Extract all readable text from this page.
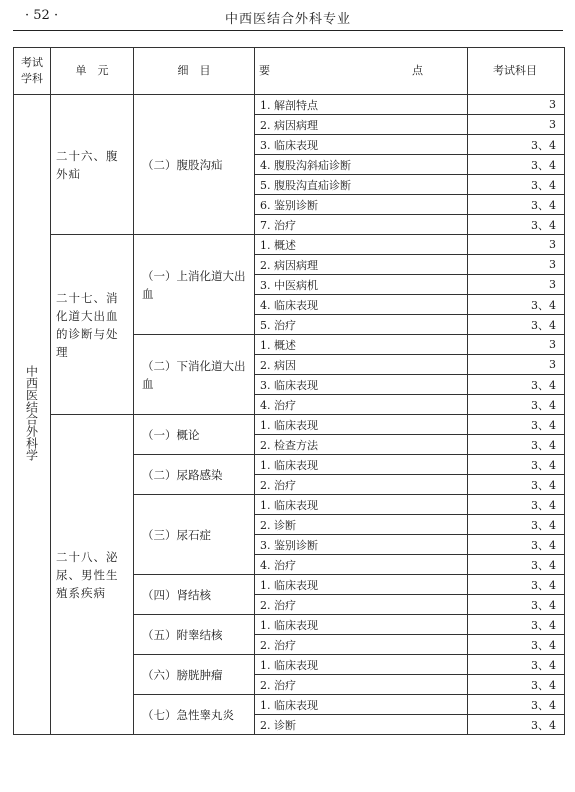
· 52 ·	中西医结合外科专业
考试学科	单　元	细　目	要　　点	考试科目
中西医结合外科学	二十六、腹外疝	（二）腹股沟疝	1. 解剖特点	3
			2. 病因病理	3
			3. 临床表现	3、4
			4. 腹股沟斜疝诊断	3、4
			5. 腹股沟直疝诊断	3、4
			6. 鉴别诊断	3、4
			7. 治疗	3、4
	二十七、消化道大出血的诊断与处理	（一）上消化道大出血	1. 概述	3
			2. 病因病理	3
			3. 中医病机	3
			4. 临床表现	3、4
			5. 治疗	3、4
		（二）下消化道大出血	1. 概述	3
			2. 病因	3
			3. 临床表现	3、4
			4. 治疗	3、4
	二十八、泌尿、男性生殖系疾病	（一）概论	1. 临床表现	3、4
			2. 检查方法	3、4
		（二）尿路感染	1. 临床表现	3、4
			2. 治疗	3、4
		（三）尿石症	1. 临床表现	3、4
			2. 诊断	3、4
			3. 鉴别诊断	3、4
			4. 治疗	3、4
		（四）肾结核	1. 临床表现	3、4
			2. 治疗	3、4
		（五）附睾结核	1. 临床表现	3、4
			2. 治疗	3、4
		（六）膀胱肿瘤	1. 临床表现	3、4
			2. 治疗	3、4
		（七）急性睾丸炎	1. 临床表现	3、4
			2. 诊断	3、4
